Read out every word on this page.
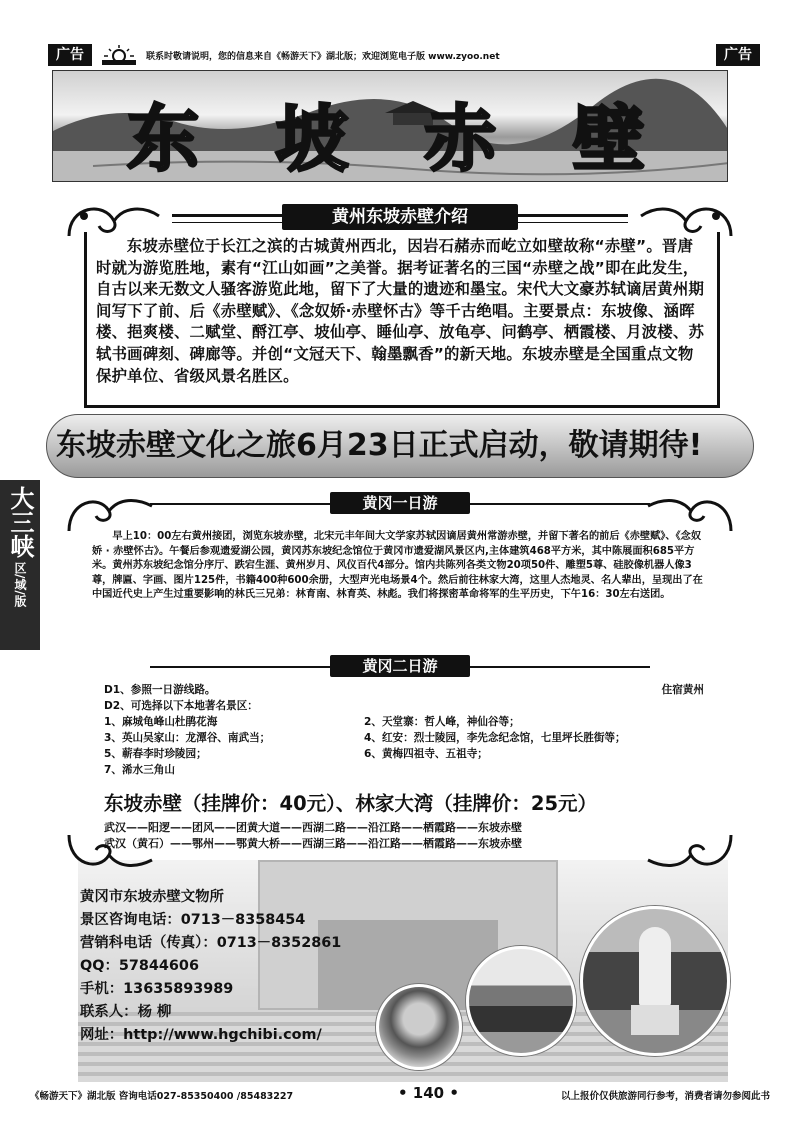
广告	联系时敬请说明，您的信息来自《畅游天下》湖北版；欢迎浏览电子版 www.zyoo.net	广告
东 坡 赤 壁
黄州东坡赤壁介绍
东坡赤壁位于长江之滨的古城黄州西北，因岩石赭赤而屹立如壁故称“赤壁”。晋唐时就为游览胜地，素有“江山如画”之美誉。据考证著名的三国“赤壁之战”即在此发生，自古以来无数文人骚客游览此地，留下了大量的遗迹和墨宝。宋代大文豪苏轼谪居黄州期间写下了前、后《赤壁赋》、《念奴娇·赤壁怀古》等千古绝唱。主要景点：东坡像、涵晖楼、挹爽楼、二赋堂、酹江亭、坡仙亭、睡仙亭、放龟亭、问鹤亭、栖霞楼、月波楼、苏轼书画碑刻、碑廊等。并创“文冠天下、翰墨飘香”的新天地。东坡赤壁是全国重点文物保护单位、省级风景名胜区。
东坡赤壁文化之旅6月23日正式启动，敬请期待!
大三峡
区/域/版
黄冈一日游
早上10：00左右黄州接团，浏览东坡赤壁，北宋元丰年间大文学家苏轼因谪居黄州常游赤壁，并留下著名的前后《赤壁赋》、《念奴娇 · 赤壁怀古》。午餐后参观遗爱湖公园，黄冈苏东坡纪念馆位于黄冈市遗爱湖风景区内,主体建筑468平方米，其中陈展面积685平方米。黄州苏东坡纪念馆分序厅、跌宕生涯、黄州岁月、风仪百代4部分。馆内共陈列各类文物20项50件、雕塑5尊、硅胶像机器人像3尊，牌匾、字画、图片125件，书籍400种600余册，大型声光电场景4个。然后前往林家大湾，这里人杰地灵、名人辈出，呈现出了在中国近代史上产生过重要影响的林氏三兄弟：林育南、林育英、林彪。我们将探密革命将军的生平历史，下午16：30左右送团。
黄冈二日游
D1、参照一日游线路。	住宿黄州
D2、可选择以下本地著名景区：
1、麻城龟峰山杜鹃花海	2、天堂寨：哲人峰，神仙谷等；
3、英山吴家山：龙潭谷、南武当；	4、红安：烈士陵园，李先念纪念馆，七里坪长胜街等；
5、蕲春李时珍陵园；	6、黄梅四祖寺、五祖寺；
7、浠水三角山
东坡赤壁（挂牌价：40元）、林家大湾（挂牌价：25元）
武汉——阳逻——团风——团黄大道——西湖二路——沿江路——栖霞路——东坡赤壁
武汉（黄石）——鄂州——鄂黄大桥——西湖三路——沿江路——栖霞路——东坡赤壁
黄冈市东坡赤壁文物所
景区咨询电话：0713－8358454
营销科电话（传真）：0713－8352861
QQ：57844606
手机：13635893989
联系人：杨 柳
网址：http://www.hgchibi.com/
《畅游天下》湖北版 咨询电话027-85350400 /85483227	• 140 •	以上报价仅供旅游同行参考，消费者请勿参阅此书
